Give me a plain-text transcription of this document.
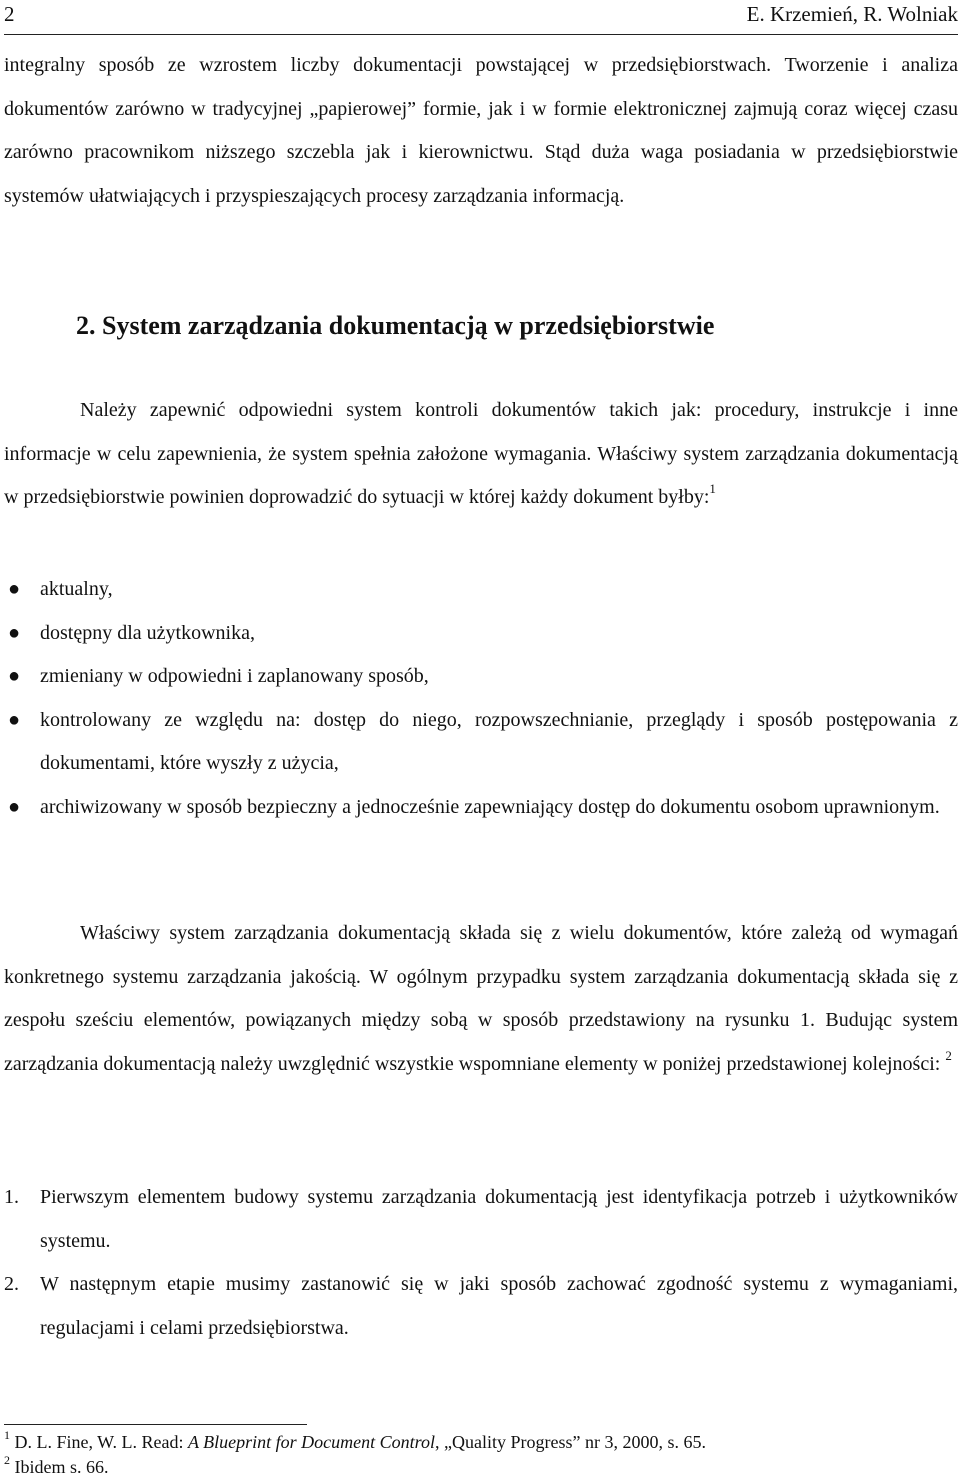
2	E. Krzemień, R. Wolniak

integralny sposób ze wzrostem liczby dokumentacji powstającej w przedsiębiorstwach. Tworzenie i analiza dokumentów zarówno w tradycyjnej „papierowej” formie, jak i w formie elektronicznej zajmują coraz więcej czasu zarówno pracownikom niższego szczebla jak i kierownictwu. Stąd duża waga posiadania w przedsiębiorstwie systemów ułatwiających i przyspieszających procesy zarządzania informacją.

2. System zarządzania dokumentacją w przedsiębiorstwie

Należy zapewnić odpowiedni system kontroli dokumentów takich jak: procedury, instrukcje i inne informacje w celu zapewnienia, że system spełnia założone wymagania. Właściwy system zarządzania dokumentacją w przedsiębiorstwie powinien doprowadzić do sytuacji w której każdy dokument byłby:$^1$

● aktualny,
● dostępny dla użytkownika,
● zmieniany w odpowiedni i zaplanowany sposób,
● kontrolowany ze względu na: dostęp do niego, rozpowszechnianie, przeglądy i sposób postępowania z dokumentami, które wyszły z użycia,
● archiwizowany w sposób bezpieczny a jednocześnie zapewniający dostęp do dokumentu osobom uprawnionym.

Właściwy system zarządzania dokumentacją składa się z wielu dokumentów, które zależą od wymagań konkretnego systemu zarządzania jakością. W ogólnym przypadku system zarządzania dokumentacją składa się z zespołu sześciu elementów, powiązanych między sobą w sposób przedstawiony na rysunku 1. Budując system zarządzania dokumentacją należy uwzględnić wszystkie wspomniane elementy w poniżej przedstawionej kolejności: $^2$

1. Pierwszym elementem budowy systemu zarządzania dokumentacją jest identyfikacja potrzeb i użytkowników systemu.
2. W następnym etapie musimy zastanowić się w jaki sposób zachować zgodność systemu z wymaganiami, regulacjami i celami przedsiębiorstwa.
$^1$ D. L. Fine, W. L. Read: A Blueprint for Document Control, „Quality Progress” nr 3, 2000, s. 65.
$^2$ Ibidem s. 66.
